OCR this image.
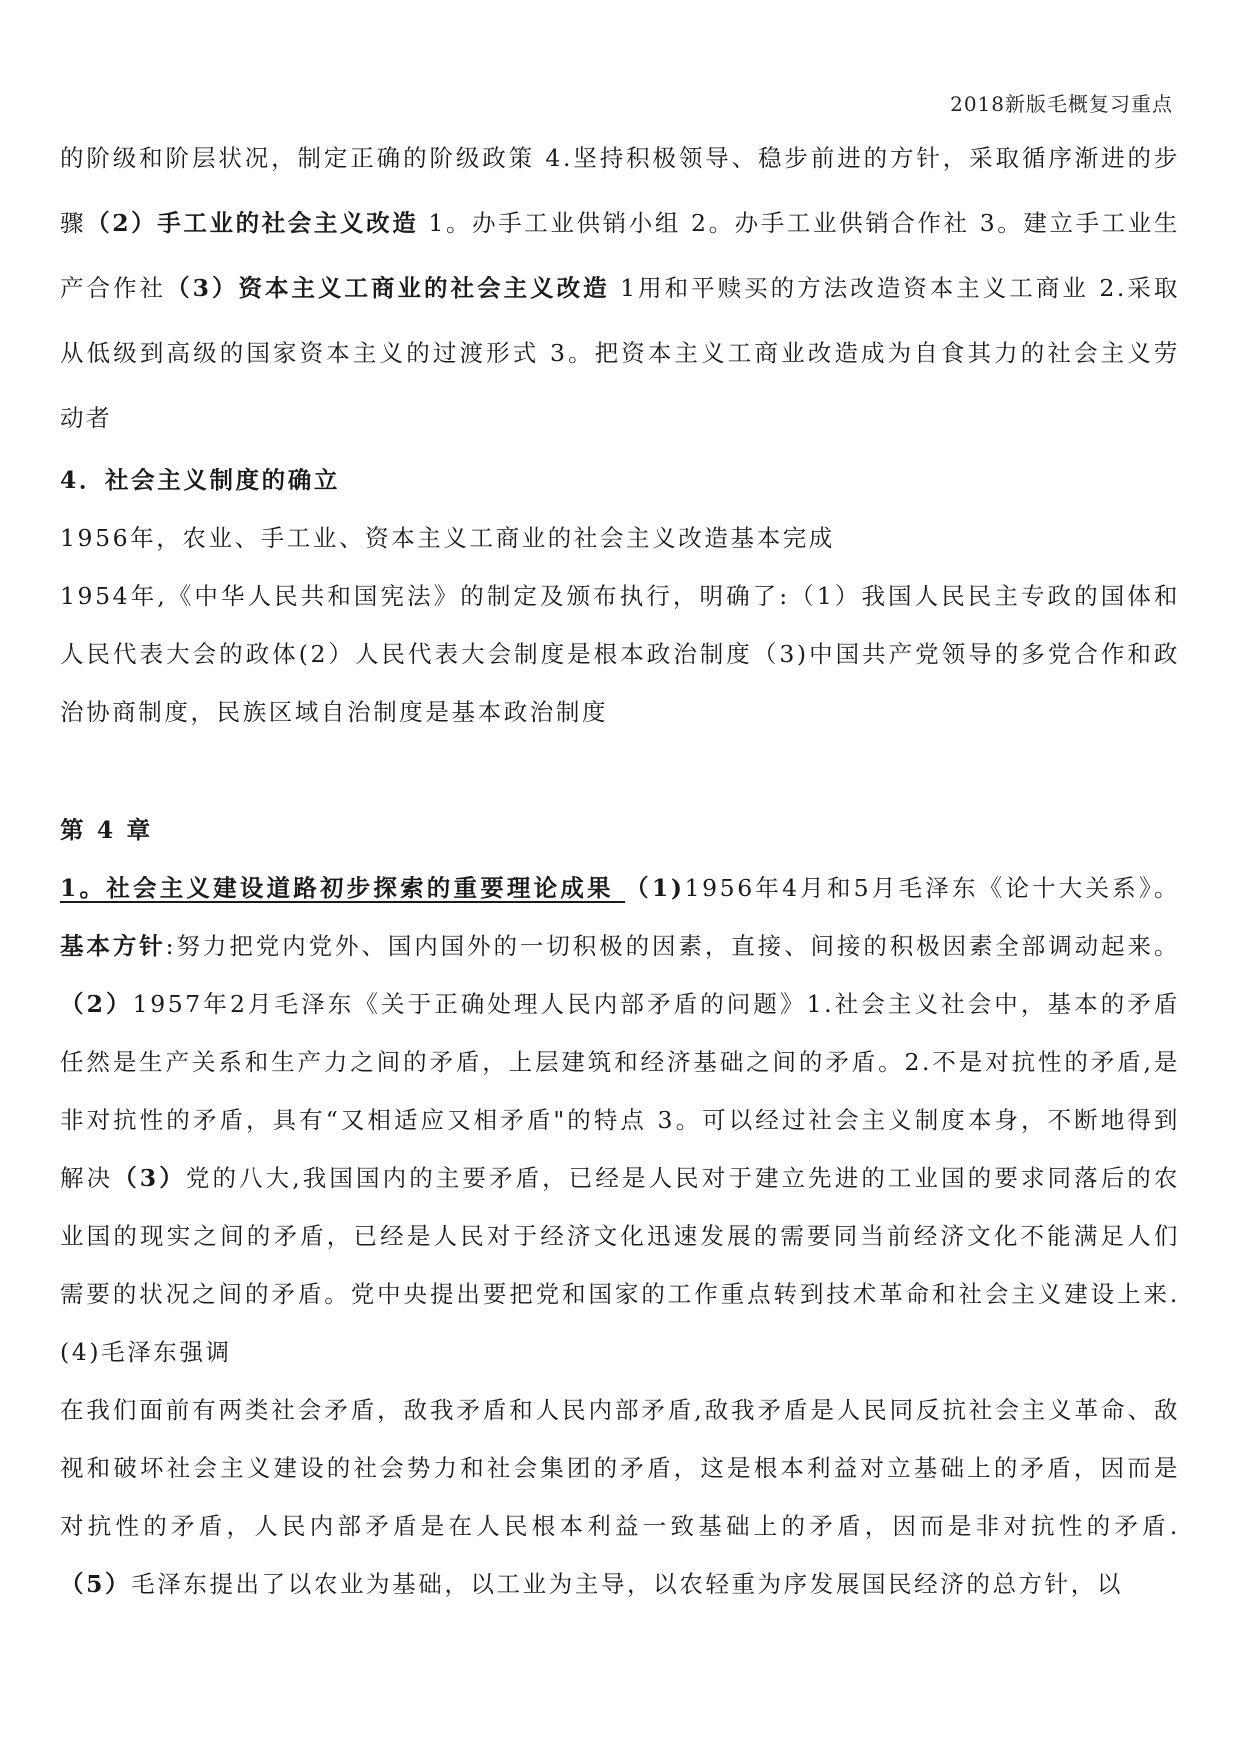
2018新版毛概复习重点

的阶级和阶层状况，制定正确的阶级政策 4.坚持积极领导、稳步前进的方针，采取循序渐进的步骤（2）手工业的社会主义改造 1。办手工业供销小组 2。办手工业供销合作社 3。建立手工业生产合作社（3）资本主义工商业的社会主义改造 1用和平赎买的方法改造资本主义工商业 2.采取从低级到高级的国家资本主义的过渡形式 3。把资本主义工商业改造成为自食其力的社会主义劳动者

4．社会主义制度的确立

1956年，农业、手工业、资本主义工商业的社会主义改造基本完成

1954年,《中华人民共和国宪法》的制定及颁布执行，明确了:（1）我国人民民主专政的国体和人民代表大会的政体(2）人民代表大会制度是根本政治制度（3)中国共产党领导的多党合作和政治协商制度，民族区域自治制度是基本政治制度

第 4 章

1。社会主义建设道路初步探索的重要理论成果 （1)1956年4月和5月毛泽东《论十大关系》。基本方针:努力把党内党外、国内国外的一切积极的因素，直接、间接的积极因素全部调动起来。（2）1957年2月毛泽东《关于正确处理人民内部矛盾的问题》1.社会主义社会中，基本的矛盾任然是生产关系和生产力之间的矛盾，上层建筑和经济基础之间的矛盾。2.不是对抗性的矛盾,是非对抗性的矛盾，具有“又相适应又相矛盾"的特点 3。可以经过社会主义制度本身，不断地得到解决（3）党的八大,我国国内的主要矛盾，已经是人民对于建立先进的工业国的要求同落后的农业国的现实之间的矛盾，已经是人民对于经济文化迅速发展的需要同当前经济文化不能满足人们需要的状况之间的矛盾。党中央提出要把党和国家的工作重点转到技术革命和社会主义建设上来. (4)毛泽东强调

在我们面前有两类社会矛盾，敌我矛盾和人民内部矛盾,敌我矛盾是人民同反抗社会主义革命、敌视和破坏社会主义建设的社会势力和社会集团的矛盾，这是根本利益对立基础上的矛盾，因而是对抗性的矛盾，人民内部矛盾是在人民根本利益一致基础上的矛盾，因而是非对抗性的矛盾.（5）毛泽东提出了以农业为基础，以工业为主导，以农轻重为序发展国民经济的总方针，以
